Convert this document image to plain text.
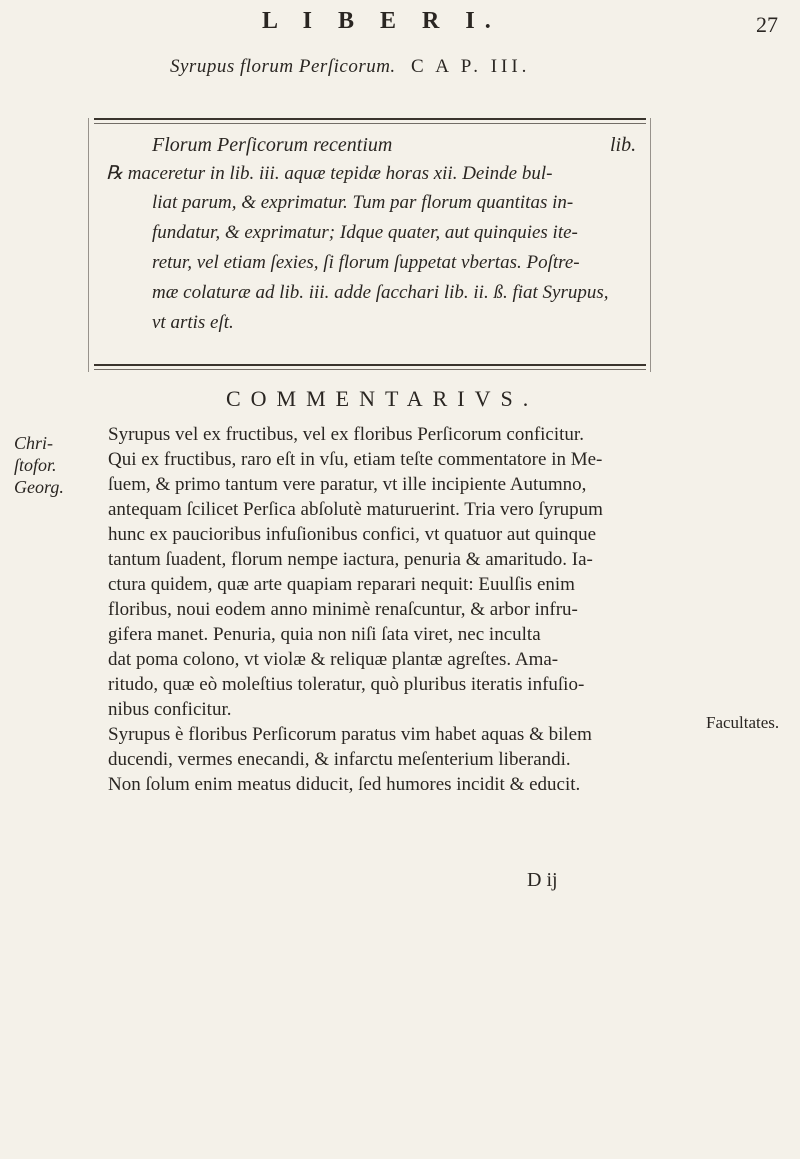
L I B E R I.	27
Syrupus florum Perſicorum. C A P. III.
Florum Perſicorum recentium	lib.
℞ maceretur in lib. iii. aquæ tepidæ horas xii. Deinde bul-
liat parum, & exprimatur. Tum par florum quantitas in-
fundatur, & exprimatur; Idque quater, aut quinquies ite-
retur, vel etiam ſexies, ſi florum ſuppetat vbertas. Poſtre-
mæ colaturæ ad lib. iii. adde ſacchari lib. ii. ß. fiat Syrupus,
vt artis eſt.
COMMENTARIVS.
Chri-
ſtofor.
Georg.
Syrupus vel ex fructibus, vel ex floribus Perſicorum conficitur.
Qui ex fructibus, raro eſt in vſu, etiam teſte commentatore in Me-
ſuem, & primo tantum vere paratur, vt ille incipiente Autumno,
antequam ſcilicet Perſica abſolutè maturuerint. Tria vero ſyrupum
hunc ex paucioribus infuſionibus confici, vt quatuor aut quinque
tantum ſuadent, florum nempe iactura, penuria & amaritudo. Ia-
ctura quidem, quæ arte quapiam reparari nequit: Euulſis enim
floribus, noui eodem anno minimè renaſcuntur, & arbor infru-
gifera manet. Penuria, quia non niſi ſata viret, nec inculta
dat poma colono, vt violæ & reliquæ plantæ agreſtes. Ama-
ritudo, quæ eò moleſtius toleratur, quò pluribus iteratis infuſio-
nibus conficitur.
Syrupus è floribus Perſicorum paratus vim habet aquas & bilem
ducendi, vermes enecandi, & infarctu meſenterium liberandi.
Non ſolum enim meatus diducit, ſed humores incidit & educit.
Facultates.
D ij
